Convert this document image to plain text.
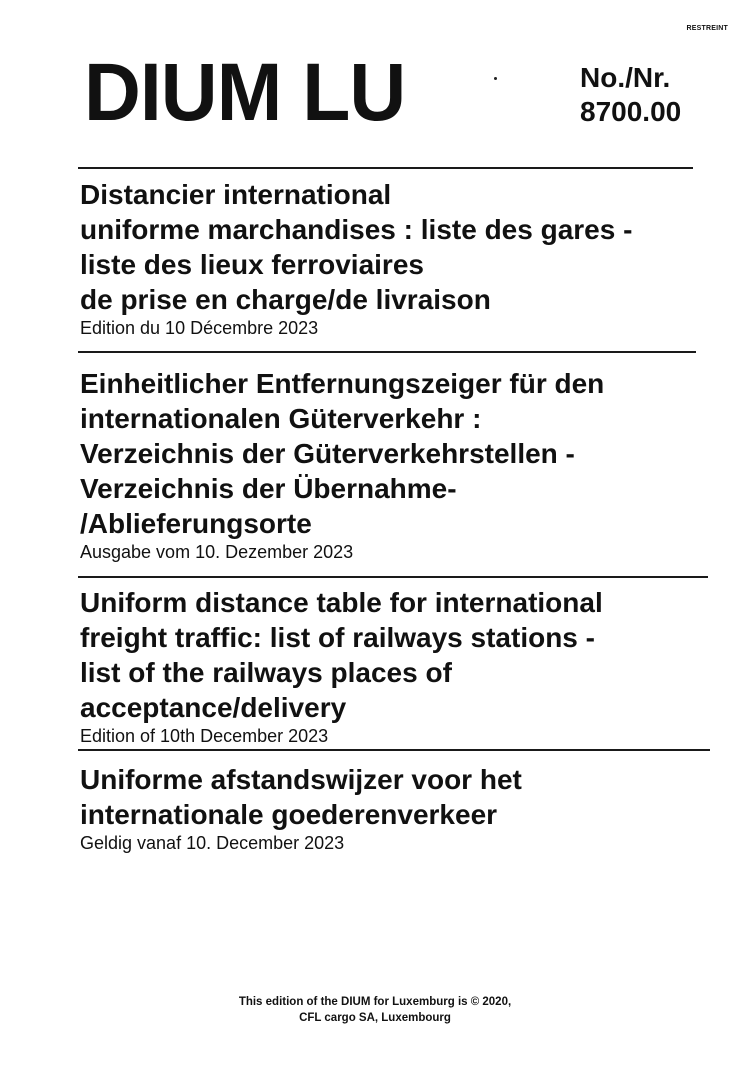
RESTREINT
DIUM LU	No./Nr.
8700.00
Distancier international
uniforme marchandises : liste des gares -
liste des lieux ferroviaires
de prise en charge/de livraison
Edition du 10 Décembre 2023
Einheitlicher Entfernungszeiger für den
internationalen Güterverkehr :
Verzeichnis der Güterverkehrstellen -
Verzeichnis der Übernahme-
/Ablieferungsorte
Ausgabe vom 10. Dezember 2023
Uniform distance table for international
freight traffic: list of railways stations -
list of the railways places of
acceptance/delivery
Edition of 10th December 2023
Uniforme afstandswijzer voor het
internationale goederenverkeer
Geldig vanaf 10. December 2023
This edition of the DIUM for Luxemburg is © 2020,
CFL cargo SA, Luxembourg
